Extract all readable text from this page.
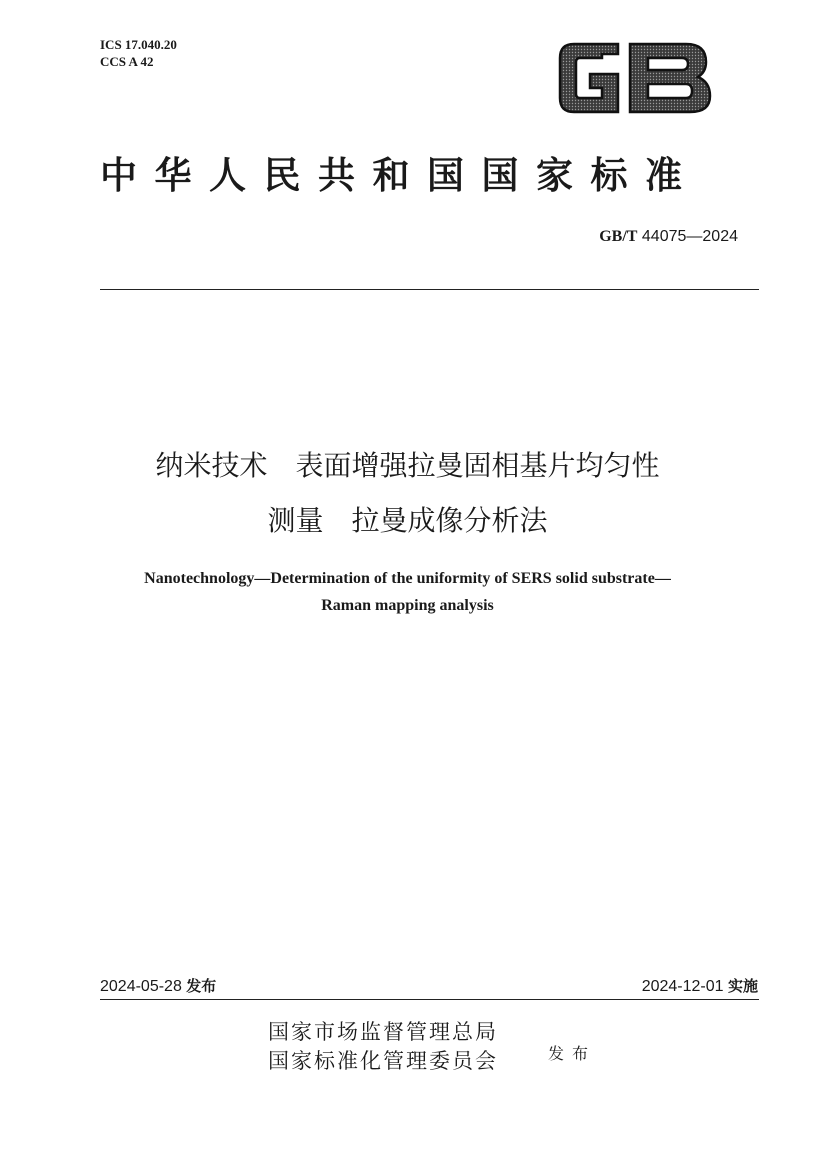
ICS 17.040.20
CCS A 42
中华人民共和国国家标准
GB/T 44075—2024
纳米技术 表面增强拉曼固相基片均匀性
测量 拉曼成像分析法
Nanotechnology—Determination of the uniformity of SERS solid substrate—
Raman mapping analysis
2024-05-28 发布	2024-12-01 实施
国家市场监督管理总局
国家标准化管理委员会	发布
